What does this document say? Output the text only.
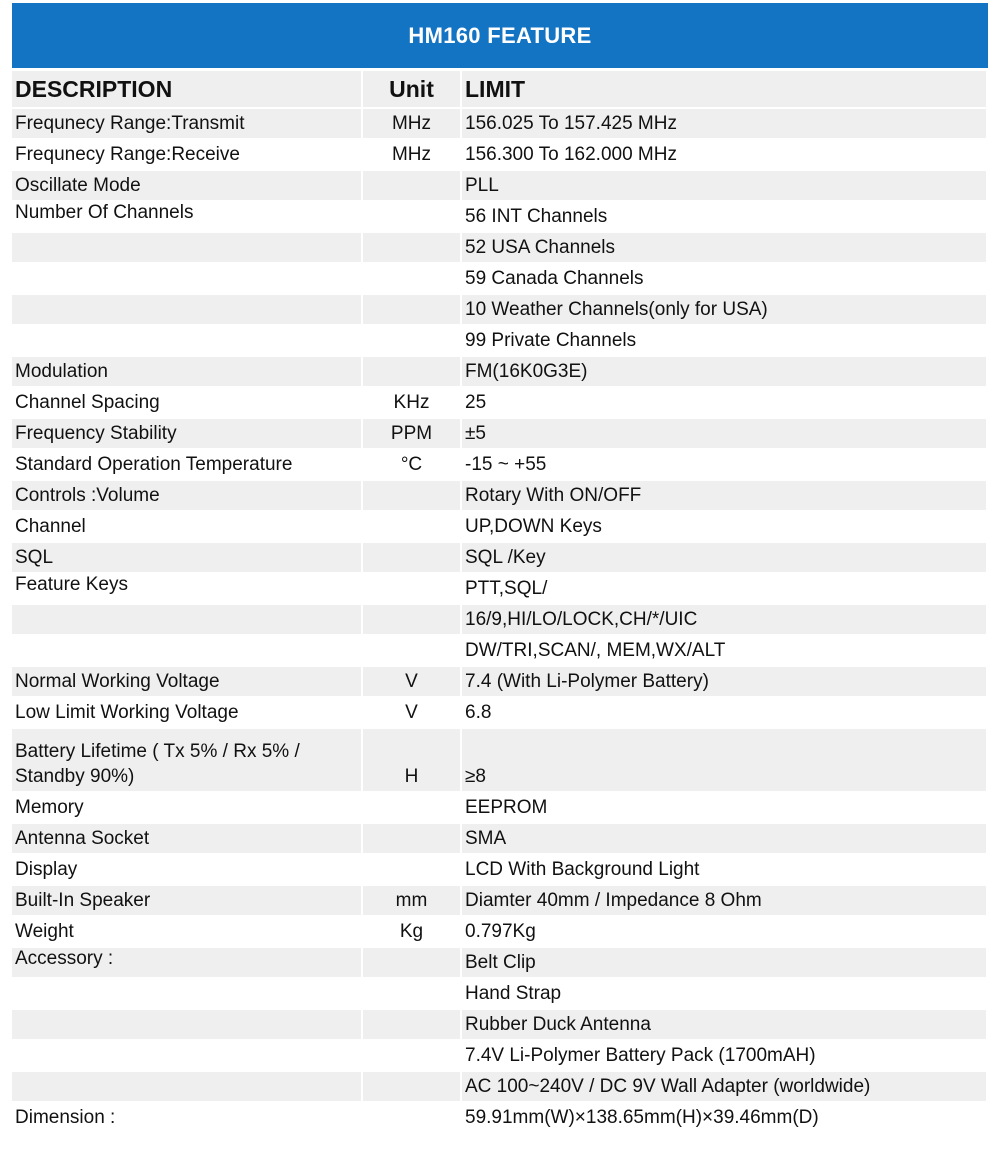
HM160 FEATURE
DESCRIPTION	Unit	LIMIT
Frequnecy Range:Transmit	MHz	156.025 To 157.425 MHz
Frequnecy Range:Receive	MHz	156.300 To 162.000 MHz
Oscillate Mode		PLL
Number Of Channels		56 INT Channels
		52 USA Channels
		59 Canada Channels
		10 Weather Channels(only for USA)
		99 Private Channels
Modulation		FM(16K0G3E)
Channel Spacing	KHz	25
Frequency Stability	PPM	±5
Standard Operation Temperature	°C	-15 ~ +55
Controls :Volume		Rotary With ON/OFF
Channel		UP,DOWN Keys
SQL		SQL /Key
Feature Keys		PTT,SQL/
		16/9,HI/LO/LOCK,CH/*/UIC
		DW/TRI,SCAN/, MEM,WX/ALT
Normal Working Voltage	V	7.4 (With Li-Polymer Battery)
Low Limit Working Voltage	V	6.8
Battery Lifetime ( Tx 5% / Rx 5% / Standby 90%)	H	≥8
Memory		EEPROM
Antenna Socket		SMA
Display		LCD With Background Light
Built-In Speaker	mm	Diamter 40mm / Impedance 8 Ohm
Weight	Kg	0.797Kg
Accessory :		Belt Clip
		Hand Strap
		Rubber Duck Antenna
		7.4V Li-Polymer Battery Pack (1700mAH)
		AC 100~240V / DC 9V Wall Adapter (worldwide)
Dimension :		59.91mm(W)×138.65mm(H)×39.46mm(D)
